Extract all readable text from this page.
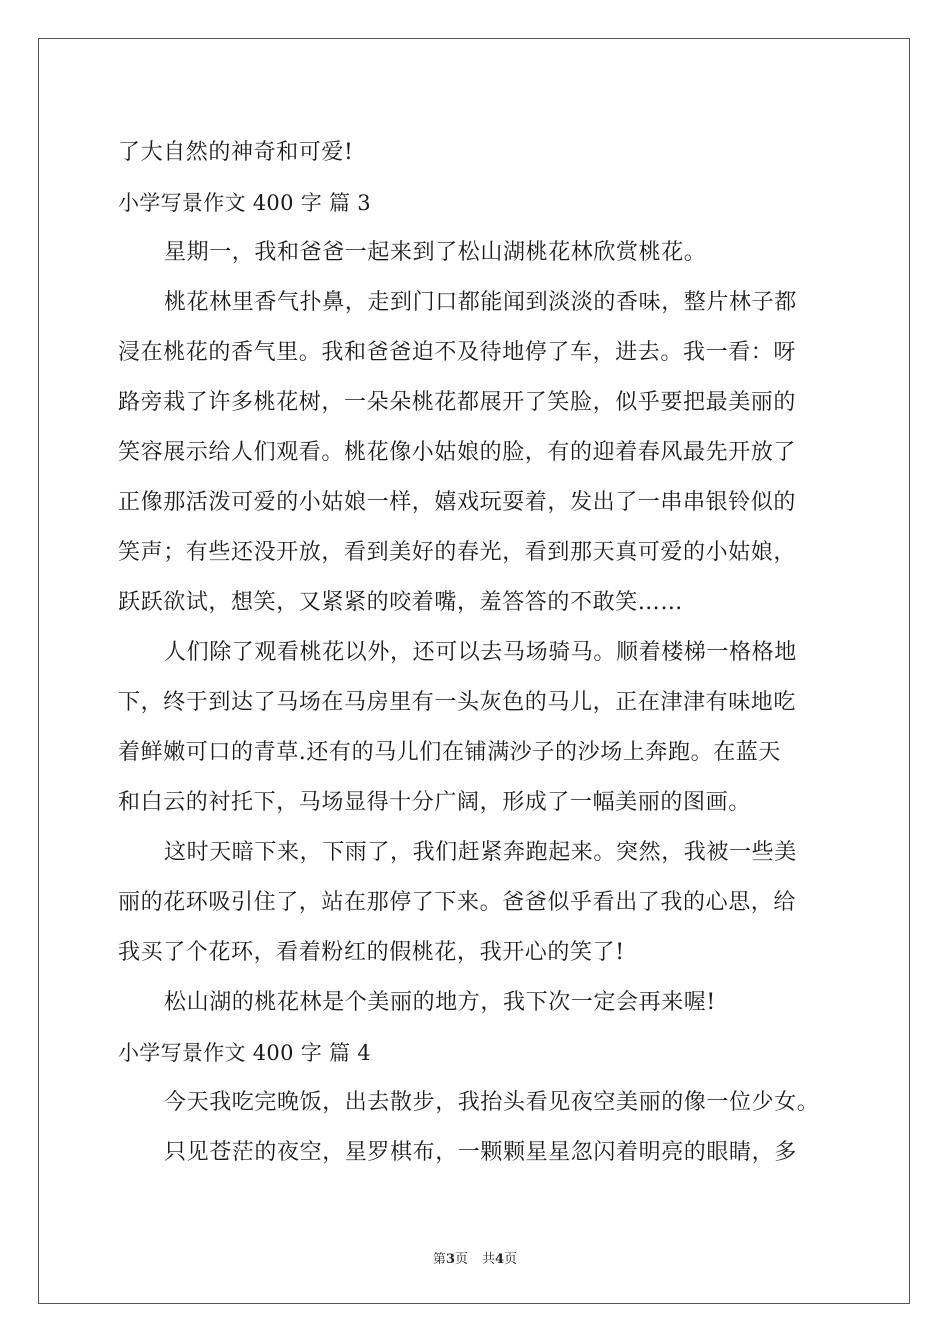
了大自然的神奇和可爱!
小学写景作文 400 字 篇 3
星期一，我和爸爸一起来到了松山湖桃花林欣赏桃花。
桃花林里香气扑鼻，走到门口都能闻到淡淡的香味，整片林子都
浸在桃花的香气里。我和爸爸迫不及待地停了车，进去。我一看：呀
路旁栽了许多桃花树，一朵朵桃花都展开了笑脸，似乎要把最美丽的
笑容展示给人们观看。桃花像小姑娘的脸，有的迎着春风最先开放了
正像那活泼可爱的小姑娘一样，嬉戏玩耍着，发出了一串串银铃似的
笑声；有些还没开放，看到美好的春光，看到那天真可爱的小姑娘，
跃跃欲试，想笑，又紧紧的咬着嘴，羞答答的不敢笑……
人们除了观看桃花以外，还可以去马场骑马。顺着楼梯一格格地
下，终于到达了马场在马房里有一头灰色的马儿，正在津津有味地吃
着鲜嫩可口的青草.还有的马儿们在铺满沙子的沙场上奔跑。在蓝天
和白云的衬托下，马场显得十分广阔，形成了一幅美丽的图画。
这时天暗下来，下雨了，我们赶紧奔跑起来。突然，我被一些美
丽的花环吸引住了，站在那停了下来。爸爸似乎看出了我的心思，给
我买了个花环，看着粉红的假桃花，我开心的笑了!
松山湖的桃花林是个美丽的地方，我下次一定会再来喔!
小学写景作文 400 字 篇 4
今天我吃完晚饭，出去散步，我抬头看见夜空美丽的像一位少女。
只见苍茫的夜空，星罗棋布，一颗颗星星忽闪着明亮的眼睛，多
第3页 共4页
